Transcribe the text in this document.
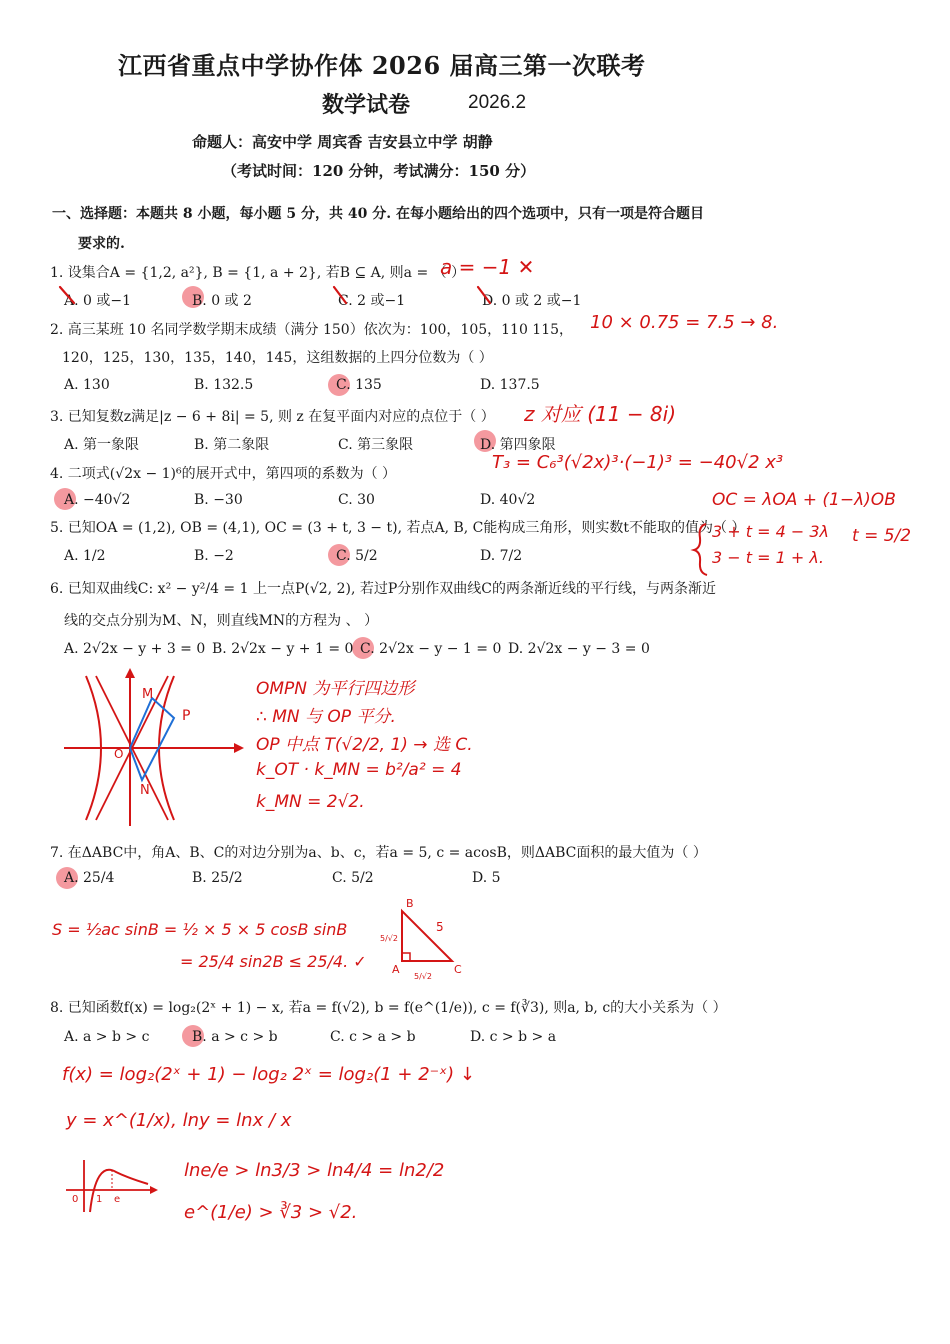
江西省重点中学协作体 2026 届高三第一次联考
数学试卷	2026.2
命题人：高安中学 周宾香 吉安县立中学 胡静
（考试时间：120 分钟，考试满分：150 分）
一、选择题：本题共 8 小题，每小题 5 分，共 40 分. 在每小题给出的四个选项中，只有一项是符合题目
要求的.
1. 设集合A = {1,2, a²}, B = {1, a + 2}, 若B ⊆ A, 则a = （ ）
A. 0 或−1	B. 0 或 2	C. 2 或−1	D. 0 或 2 或−1
2. 高三某班 10 名同学数学期末成绩（满分 150）依次为：100，105，110 115，
120，125，130，135，140，145，这组数据的上四分位数为（ ）
A. 130	B. 132.5	C. 135	D. 137.5
3. 已知复数z满足|z − 6 + 8i| = 5, 则 z 在复平面内对应的点位于（ ）
A. 第一象限	B. 第二象限	C. 第三象限	D. 第四象限
4. 二项式(√2x − 1)⁶的展开式中，第四项的系数为（ ）
A. −40√2	B. −30	C. 30	D. 40√2
5. 已知OA = (1,2), OB = (4,1), OC = (3 + t, 3 − t), 若点A, B, C能构成三角形，则实数t不能取的值为（ ）
A. 1/2	B. −2	C. 5/2	D. 7/2
6. 已知双曲线C: x² − y²/4 = 1 上一点P(√2, 2), 若过P分别作双曲线C的两条渐近线的平行线，与两条渐近
线的交点分别为M、N，则直线MN的方程为 、 ）
A. 2√2x − y + 3 = 0 B. 2√2x − y + 1 = 0 C. 2√2x − y − 1 = 0 D. 2√2x − y − 3 = 0
7. 在ΔABC中，角A、B、C的对边分别为a、b、c，若a = 5, c = acosB，则ΔABC面积的最大值为（ ）
A. 25/4	B. 25/2	C. 5/2	D. 5
8. 已知函数f(x) = log₂(2ˣ + 1) − x, 若a = f(√2), b = f(e^(1/e)), c = f(∛3), 则a, b, c的大小关系为（ ）
A. a > b > c	B. a > c > b	C. c > a > b	D. c > b > a
a = −1 ✕
10 × 0.75 = 7.5 → 8.
z 对应 (11 − 8i)
T₃ = C₆³(√2x)³·(−1)³ = −40√2 x³
OC = λOA + (1−λ)OB
3 + t = 4 − 3λ
3 − t = 1 + λ.
t = 5/2
M
P
O
N
OMPN 为平行四边形
∴ MN 与 OP 平分.
OP 中点 T(√2/2, 1) → 选 C.
k_OT · k_MN = b²/a² = 4
k_MN = 2√2.
S = ½ac sinB = ½ × 5 × 5 cosB sinB
= 25/4 sin2B ≤ 25/4. ✓
B
5
A	C
5/√2
5/√2
f(x) = log₂(2ˣ + 1) − log₂ 2ˣ = log₂(1 + 2⁻ˣ) ↓
y = x^(1/x), lny = lnx / x
lne/e > ln3/3 > ln4/4 = ln2/2
e^(1/e) > ∛3 > √2.
0 1 e
